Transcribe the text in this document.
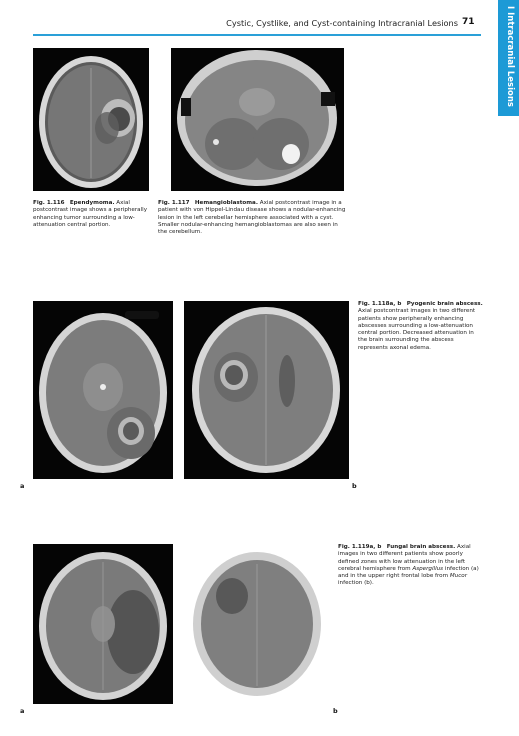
Cystic, Cystlike, and Cyst-containing Intracranial Lesions 71	I Intracranial Lesions
Fig. 1.116 Ependymoma. Axial postcontrast image shows a peripherally enhancing tumor surrounding a low-attenuation central portion.
Fig. 1.117 Hemangioblastoma. Axial postcontrast image in a patient with von Hippel-Lindau disease shows a nodular-enhancing lesion in the left cerebellar hemisphere associated with a cyst. Smaller nodular-enhancing hemangioblastomas are also seen in the cerebellum.
a	b
Fig. 1.118a, b Pyogenic brain abscess. Axial postcontrast images in two different patients show peripherally enhancing abscesses surrounding a low-attenuation central portion. Decreased attenuation in the brain surrounding the abscess represents axonal edema.
a	b
Fig. 1.119a, b Fungal brain abscess. Axial images in two different patients show poorly defined zones with low attenuation in the left cerebral hemisphere from Aspergillus infection (a) and in the upper right frontal lobe from Mucor infection (b).
